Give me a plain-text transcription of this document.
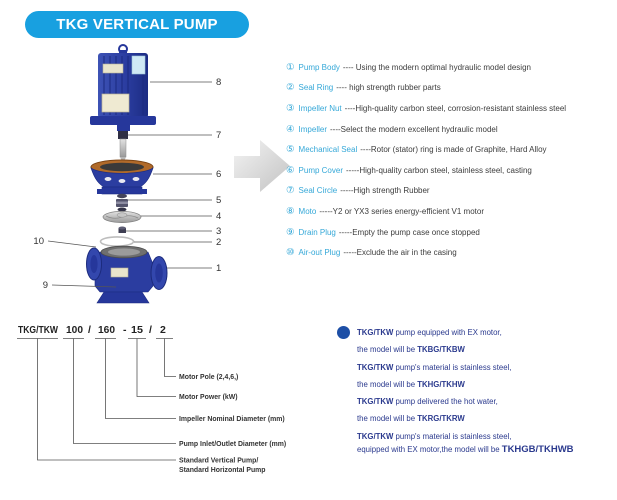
TKG VERTICAL PUMP
8
7
6
5
4
3
2
1
10
9
① Pump Body ---- Using the modern optimal hydraulic model design
② Seal Ring ---- high strength rubber parts
③ Impeller Nut ----High-quality carbon steel, corrosion-resistant stainless steel
④ Impeller ----Select the modern excellent hydraulic model
⑤ Mechanical Seal ----Rotor (stator) ring is made of Graphite, Hard Alloy
⑥ Pump Cover -----High-quality carbon steel, stainless steel, casting
⑦ Seal Circle -----High strength Rubber
⑧ Moto -----Y2 or YX3 series energy-efficient V1 motor
⑨ Drain Plug -----Empty the pump case once stopped
⑩ Air-out Plug -----Exclude the air in the casing
TKG/TKW 100 / 160 - 15 / 2
Motor Pole (2,4,6,)
Motor Power (kW)
Impeller Nominal Diameter (mm)
Pump Inlet/Outlet Diameter (mm)
Standard Vertical Pump/
Standard Horizontal Pump
TKG/TKW pump equipped with EX motor,
the model will be TKBG/TKBW
TKG/TKW pump's material is stainless steel,
the model will be TKHG/TKHW
TKG/TKW pump delivered the hot water,
the model will be TKRG/TKRW
TKG/TKW pump's material is stainless steel,
equipped with EX motor,the model will be TKHGB/TKHWB
